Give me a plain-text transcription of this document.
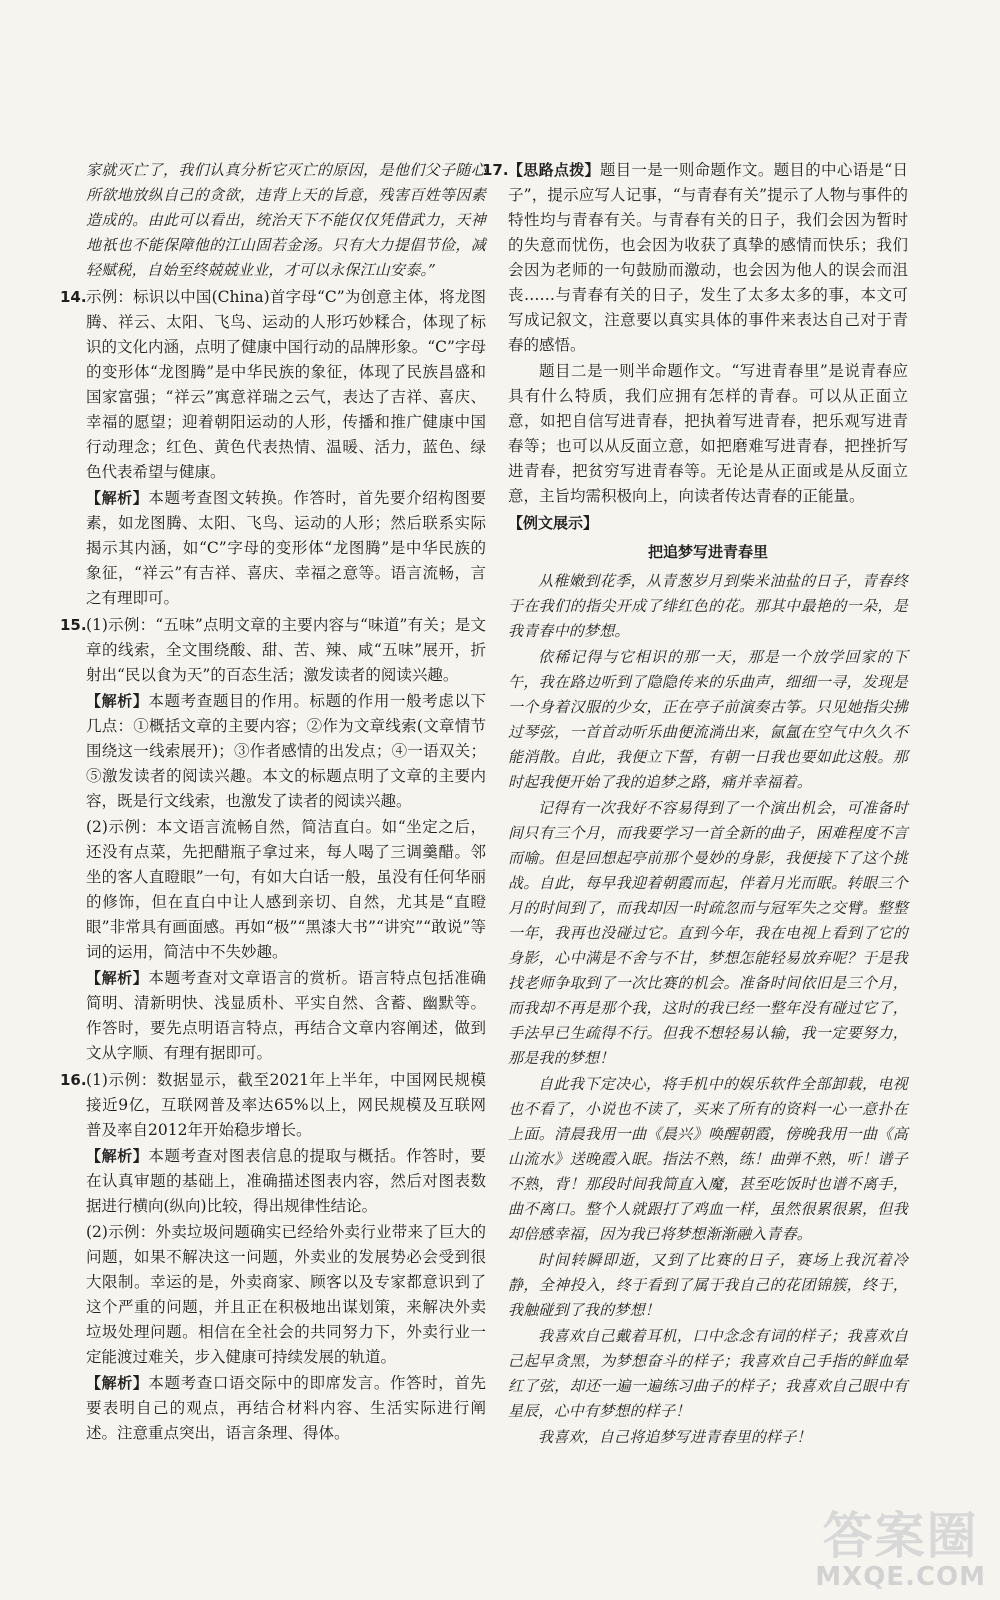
家就灭亡了，我们认真分析它灭亡的原因，是他们父子随心所欲地放纵自己的贪欲，违背上天的旨意，残害百姓等因素造成的。由此可以看出，统治天下不能仅仅凭借武力，天神地祇也不能保障他的江山固若金汤。只有大力提倡节俭，减轻赋税，自始至终兢兢业业，才可以永保江山安泰。”

14. 示例：标识以中国(China)首字母“C”为创意主体，将龙图腾、祥云、太阳、飞鸟、运动的人形巧妙糅合，体现了标识的文化内涵，点明了健康中国行动的品牌形象。“C”字母的变形体“龙图腾”是中华民族的象征，体现了民族昌盛和国家富强；“祥云”寓意祥瑞之云气，表达了吉祥、喜庆、幸福的愿望；迎着朝阳运动的人形，传播和推广健康中国行动理念；红色、黄色代表热情、温暖、活力，蓝色、绿色代表希望与健康。

【解析】本题考查图文转换。作答时，首先要介绍构图要素，如龙图腾、太阳、飞鸟、运动的人形；然后联系实际揭示其内涵，如“C”字母的变形体“龙图腾”是中华民族的象征，“祥云”有吉祥、喜庆、幸福之意等。语言流畅，言之有理即可。

15. (1)示例：“五味”点明文章的主要内容与“味道”有关；是文章的线索，全文围绕酸、甜、苦、辣、咸“五味”展开，折射出“民以食为天”的百态生活；激发读者的阅读兴趣。

【解析】本题考查题目的作用。标题的作用一般考虑以下几点：①概括文章的主要内容；②作为文章线索(文章情节围绕这一线索展开)；③作者感情的出发点；④一语双关；⑤激发读者的阅读兴趣。本文的标题点明了文章的主要内容，既是行文线索，也激发了读者的阅读兴趣。

(2)示例：本文语言流畅自然，简洁直白。如“坐定之后，还没有点菜，先把醋瓶子拿过来，每人喝了三调羹醋。邻坐的客人直瞪眼”一句，有如大白话一般，虽没有任何华丽的修饰，但在直白中让人感到亲切、自然，尤其是“直瞪眼”非常具有画面感。再如“极”“黑漆大书”“讲究”“敢说”等词的运用，简洁中不失妙趣。

【解析】本题考查对文章语言的赏析。语言特点包括准确简明、清新明快、浅显质朴、平实自然、含蓄、幽默等。作答时，要先点明语言特点，再结合文章内容阐述，做到文从字顺、有理有据即可。

16. (1)示例：数据显示，截至2021年上半年，中国网民规模接近9亿，互联网普及率达65%以上，网民规模及互联网普及率自2012年开始稳步增长。

【解析】本题考查对图表信息的提取与概括。作答时，要在认真审题的基础上，准确描述图表内容，然后对图表数据进行横向(纵向)比较，得出规律性结论。

(2)示例：外卖垃圾问题确实已经给外卖行业带来了巨大的问题，如果不解决这一问题，外卖业的发展势必会受到很大限制。幸运的是，外卖商家、顾客以及专家都意识到了这个严重的问题，并且正在积极地出谋划策，来解决外卖垃圾处理问题。相信在全社会的共同努力下，外卖行业一定能渡过难关，步入健康可持续发展的轨道。

【解析】本题考查口语交际中的即席发言。作答时，首先要表明自己的观点，再结合材料内容、生活实际进行阐述。注意重点突出，语言条理、得体。

17. 【思路点拨】题目一是一则命题作文。题目的中心语是“日子”，提示应写人记事，“与青春有关”提示了人物与事件的特性均与青春有关。与青春有关的日子，我们会因为暂时的失意而忧伤，也会因为收获了真挚的感情而快乐；我们会因为老师的一句鼓励而激动，也会因为他人的误会而沮丧……与青春有关的日子，发生了太多太多的事，本文可写成记叙文，注意要以真实具体的事件来表达自己对于青春的感悟。

题目二是一则半命题作文。“写进青春里”是说青春应具有什么特质，我们应拥有怎样的青春。可以从正面立意，如把自信写进青春，把执着写进青春，把乐观写进青春等；也可以从反面立意，如把磨难写进青春，把挫折写进青春，把贫穷写进青春等。无论是从正面或是从反面立意，主旨均需积极向上，向读者传达青春的正能量。

【例文展示】

把追梦写进青春里

从稚嫩到花季，从青葱岁月到柴米油盐的日子，青春终于在我们的指尖开成了绯红色的花。那其中最艳的一朵，是我青春中的梦想。

依稀记得与它相识的那一天，那是一个放学回家的下午，我在路边听到了隐隐传来的乐曲声，细细一寻，发现是一个身着汉服的少女，正在亭子前演奏古筝。只见她指尖拂过琴弦，一首首动听乐曲便流淌出来，氤氲在空气中久久不能消散。自此，我便立下誓，有朝一日我也要如此这般。那时起我便开始了我的追梦之路，痛并幸福着。

记得有一次我好不容易得到了一个演出机会，可准备时间只有三个月，而我要学习一首全新的曲子，困难程度不言而喻。但是回想起亭前那个曼妙的身影，我便接下了这个挑战。自此，每早我迎着朝霞而起，伴着月光而眠。转眼三个月的时间到了，而我却因一时疏忽而与冠军失之交臂。整整一年，我再也没碰过它。直到今年，我在电视上看到了它的身影，心中满是不舍与不甘，梦想怎能轻易放弃呢？于是我找老师争取到了一次比赛的机会。准备时间依旧是三个月，而我却不再是那个我，这时的我已经一整年没有碰过它了，手法早已生疏得不行。但我不想轻易认输，我一定要努力，那是我的梦想！

自此我下定决心，将手机中的娱乐软件全部卸载，电视也不看了，小说也不读了，买来了所有的资料一心一意扑在上面。清晨我用一曲《晨兴》唤醒朝霞，傍晚我用一曲《高山流水》送晚霞入眠。指法不熟，练！曲弹不熟，听！谱子不熟，背！那段时间我简直入魔，甚至吃饭时也谱不离手，曲不离口。整个人就跟打了鸡血一样，虽然很累很累，但我却倍感幸福，因为我已将梦想渐渐融入青春。

时间转瞬即逝，又到了比赛的日子，赛场上我沉着冷静，全神投入，终于看到了属于我自己的花团锦簇，终于，我触碰到了我的梦想！

我喜欢自己戴着耳机，口中念念有词的样子；我喜欢自己起早贪黑，为梦想奋斗的样子；我喜欢自己手指的鲜血晕红了弦，却还一遍一遍练习曲子的样子；我喜欢自己眼中有星辰，心中有梦想的样子！

我喜欢，自己将追梦写进青春里的样子！

答案圈
MXQE.COM
